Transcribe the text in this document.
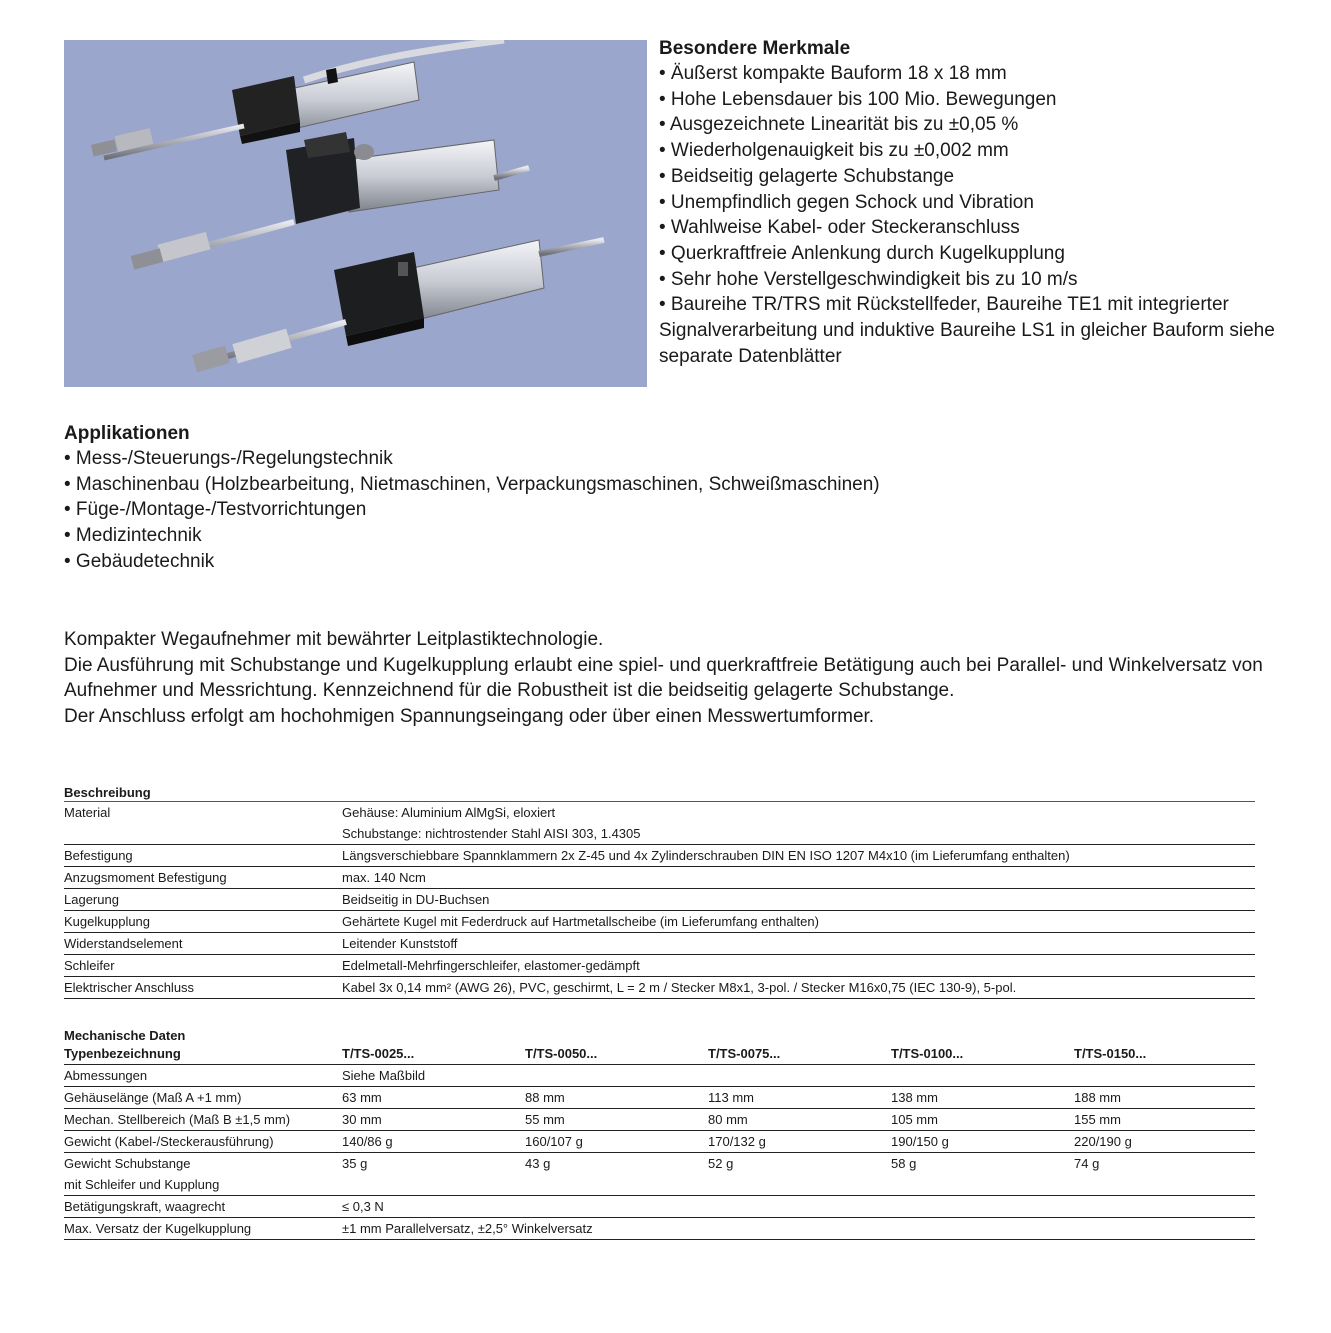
Besondere Merkmale
• Äußerst kompakte Bauform 18 x 18 mm
• Hohe Lebensdauer bis 100 Mio. Bewegungen
• Ausgezeichnete Linearität bis zu ±0,05 %
• Wiederholgenauigkeit bis zu ±0,002 mm
• Beidseitig gelagerte Schubstange
• Unempfindlich gegen Schock und Vibration
• Wahlweise Kabel- oder Steckeranschluss
• Querkraftfreie Anlenkung durch Kugelkupplung
• Sehr hohe Verstellgeschwindigkeit bis zu 10 m/s
• Baureihe TR/TRS mit Rückstellfeder, Baureihe TE1 mit integrierter Signalverarbeitung und induktive Baureihe LS1 in gleicher Bauform siehe separate Datenblätter
Applikationen
• Mess-/Steuerungs-/Regelungstechnik
• Maschinenbau (Holzbearbeitung, Nietmaschinen, Verpackungsmaschinen, Schweißmaschinen)
• Füge-/Montage-/Testvorrichtungen
• Medizintechnik
• Gebäudetechnik

Kompakter Wegaufnehmer mit bewährter Leitplastiktechnologie.

Die Ausführung mit Schubstange und Kugelkupplung erlaubt eine spiel- und querkraftfreie Betätigung auch bei Parallel- und Winkelversatz von Aufnehmer und Messrichtung. Kennzeichnend für die Robustheit ist die beidseitig gelagerte Schubstange.

Der Anschluss erfolgt am hochohmigen Spannungseingang oder über einen Messwertumformer.

Beschreibung	
Material	Gehäuse: Aluminium AlMgSi, eloxiert
Schubstange: nichtrostender Stahl AISI 303, 1.4305

Befestigung	Längsverschiebbare Spannklammern 2x Z-45 und 4x Zylinderschrauben DIN EN ISO 1207 M4x10 (im Lieferumfang enthalten)
Anzugsmoment Befestigung	max. 140 Ncm
Lagerung	Beidseitig in DU-Buchsen
Kugelkupplung	Gehärtete Kugel mit Federdruck auf Hartmetallscheibe (im Lieferumfang enthalten)
Widerstandselement	Leitender Kunststoff
Schleifer	Edelmetall-Mehrfingerschleifer, elastomer-gedämpft
Elektrischer Anschluss	Kabel 3x 0,14 mm² (AWG 26), PVC, geschirmt, L = 2 m / Stecker M8x1, 3-pol. / Stecker M16x0,75 (IEC 130-9), 5-pol.
Mechanische Daten					
Typenbezeichnung	T/TS-0025...	T/TS-0050...	T/TS-0075...	T/TS-0100...	T/TS-0150...
Abmessungen	Siehe Maßbild				
Gehäuselänge (Maß A +1 mm)	63 mm	88 mm	113 mm	138 mm	188 mm
Mechan. Stellbereich (Maß B ±1,5 mm)	30 mm	55 mm	80 mm	105 mm	155 mm
Gewicht (Kabel-/Steckerausführung)	140/86 g	160/107 g	170/132 g	190/150 g	220/190 g

Gewicht Schubstange
mit Schleifer und Kupplung	35 g	43 g	52 g	58 g	74 g
Betätigungskraft, waagrecht	≤ 0,3 N				
Max. Versatz der Kugelkupplung	±1 mm Parallelversatz, ±2,5° Winkelversatz				
